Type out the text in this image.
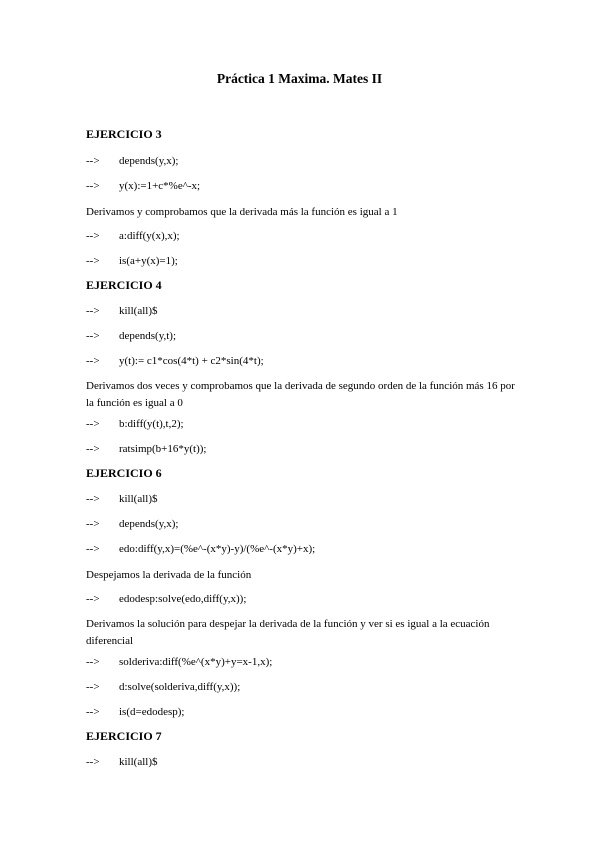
Práctica 1 Maxima. Mates II
EJERCICIO 3
--> depends(y,x);
--> y(x):=1+c*%e^-x;
Derivamos y comprobamos que la derivada más la función es igual a 1
--> a:diff(y(x),x);
--> is(a+y(x)=1);
EJERCICIO 4
--> kill(all)$
--> depends(y,t);
--> y(t):= c1*cos(4*t) + c2*sin(4*t);
Derivamos dos veces y comprobamos que la derivada de segundo orden de la función más 16 por la función es igual a 0
--> b:diff(y(t),t,2);
--> ratsimp(b+16*y(t));
EJERCICIO 6
--> kill(all)$
--> depends(y,x);
--> edo:diff(y,x)=(%e^-(x*y)-y)/(%e^-(x*y)+x);
Despejamos la derivada de la función
--> edodesp:solve(edo,diff(y,x));
Derivamos la solución para despejar la derivada de la función y ver si es igual a la ecuación diferencial
--> solderiva:diff(%e^(x*y)+y=x-1,x);
--> d:solve(solderiva,diff(y,x));
--> is(d=edodesp);
EJERCICIO 7
--> kill(all)$
